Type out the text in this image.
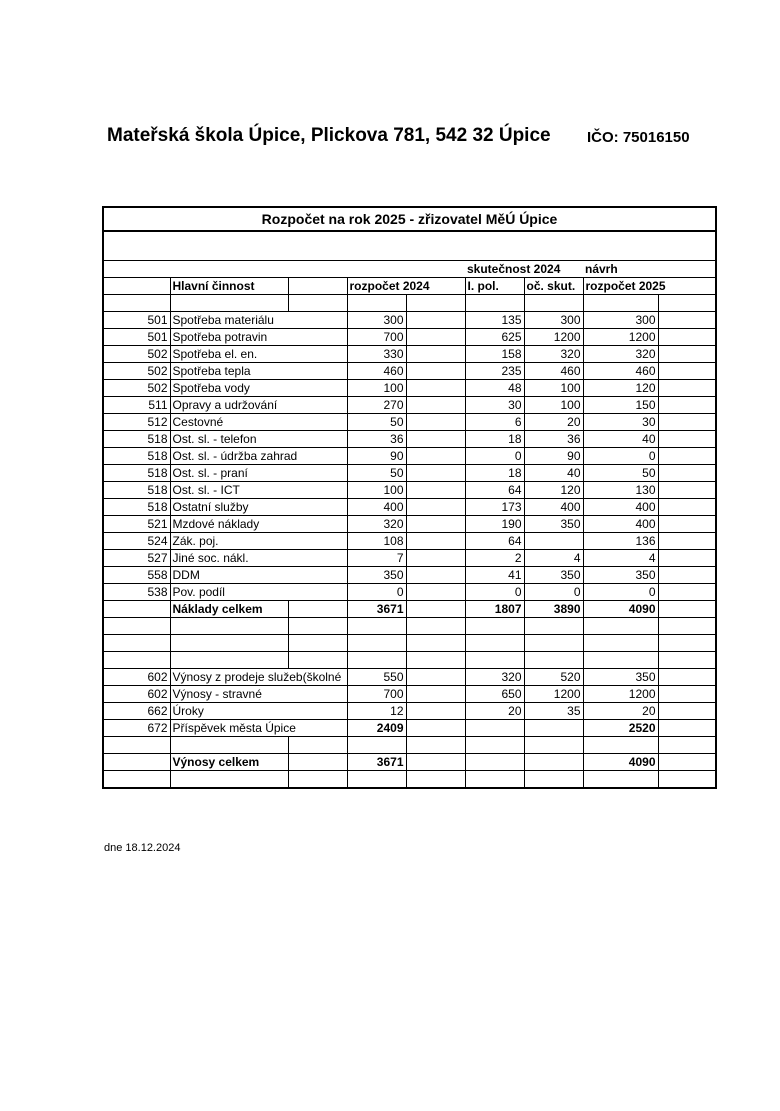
Mateřská škola Úpice, Plickova 781, 542 32 Úpice IČO: 75016150
Rozpočet na rok 2025 - zřizovatel MěÚ Úpice								

					skutečnost 2024		návrh	
	Hlavní činnost		rozpočet 2024		I. pol.	oč. skut.	rozpočet 2025	

501	Spotřeba materiálu		300		135	300	300	
501	Spotřeba potravin		700		625	1200	1200	
502	Spotřeba el. en.		330		158	320	320	
502	Spotřeba tepla		460		235	460	460	
502	Spotřeba vody		100		48	100	120	
511	Opravy a udržování		270		30	100	150	
512	Cestovné		50		6	20	30	
518	Ost. sl. - telefon		36		18	36	40	
518	Ost. sl. - údržba zahrad		90		0	90	0	
518	Ost. sl. - praní		50		18	40	50	
518	Ost. sl. - ICT		100		64	120	130	
518	Ostatní služby		400		173	400	400	
521	Mzdové náklady		320		190	350	400	
524	Zák. poj.		108		64		136	
527	Jiné soc. nákl.		7		2	4	4	
558	DDM		350		41	350	350	
538	Pov. podíl		0		0	0	0	
	Náklady celkem		3671		1807	3890	4090	

602	Výnosy z prodeje služeb(školné		550		320	520	350	
602	Výnosy - stravné		700		650	1200	1200	
662	Úroky		12		20	35	20	
672	Příspěvek města Úpice		2409				2520	

	Výnosy celkem		3671				4090	

dne 18.12.2024
